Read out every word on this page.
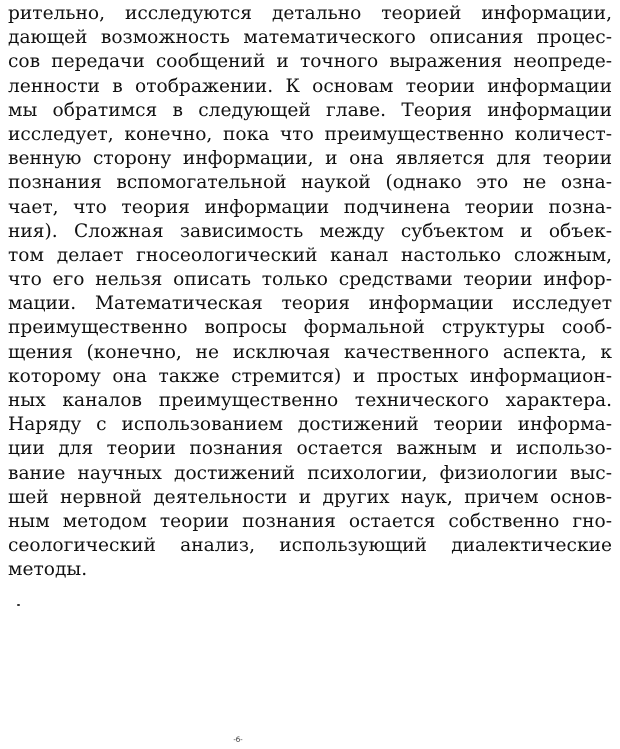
рительно, исследуются детально теорией информации,
дающей возможность математического описания процес-
сов передачи сообщений и точного выражения неопреде-
ленности в отображении. К основам теории информации
мы обратимся в следующей главе. Теория информации
исследует, конечно, пока что преимущественно количест-
венную сторону информации, и она является для теории
познания вспомогательной наукой (однако это не озна-
чает, что теория информации подчинена теории позна-
ния). Сложная зависимость между субъектом и объек-
том делает гносеологический канал настолько сложным,
что его нельзя описать только средствами теории инфор-
мации. Математическая теория информации исследует
преимущественно вопросы формальной структуры сооб-
щения (конечно, не исключая качественного аспекта, к
которому она также стремится) и простых информацион-
ных каналов преимущественно технического характера.
Наряду с использованием достижений теории информа-
ции для теории познания остается важным и использо-
вание научных достижений психологии, физиологии выс-
шей нервной деятельности и других наук, причем основ-
ным методом теории познания остается собственно гно-
сеологический анализ, использующий диалектические
методы.
-б-
